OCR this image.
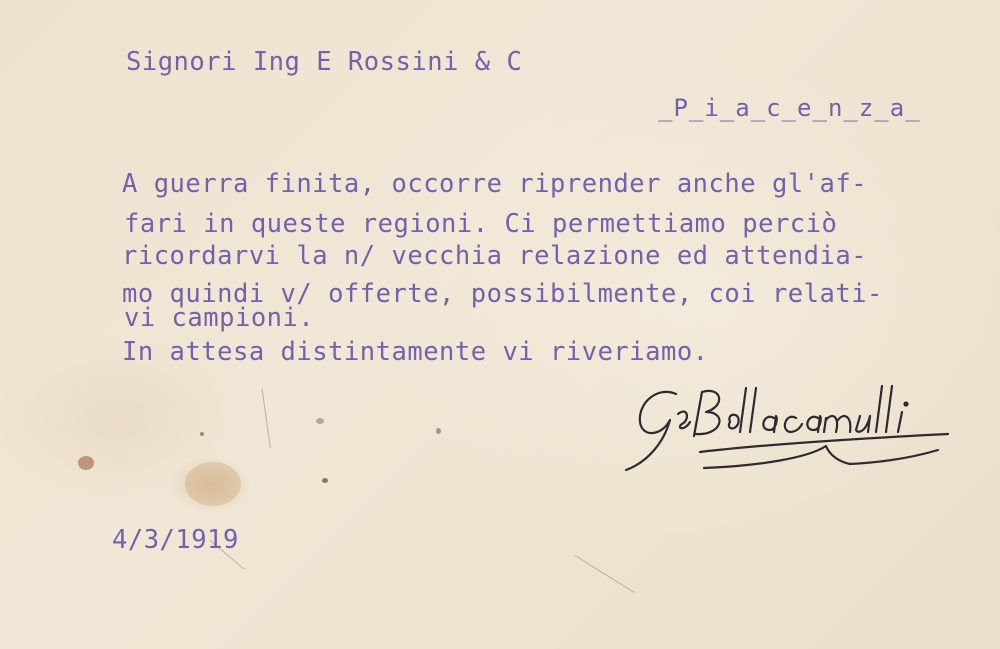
Signori Ing E Rossini & C
_P_i_a_c_e_n_z_a_
A guerra finita, occorre riprender anche gl'af-
fari in queste regioni. Ci permettiamo perciò
ricordarvi la n/ vecchia relazione ed attendia-
mo quindi v/ offerte, possibilmente, coi relati-
vi campioni.
In attesa distintamente vi riveriamo.
4/3/1919
